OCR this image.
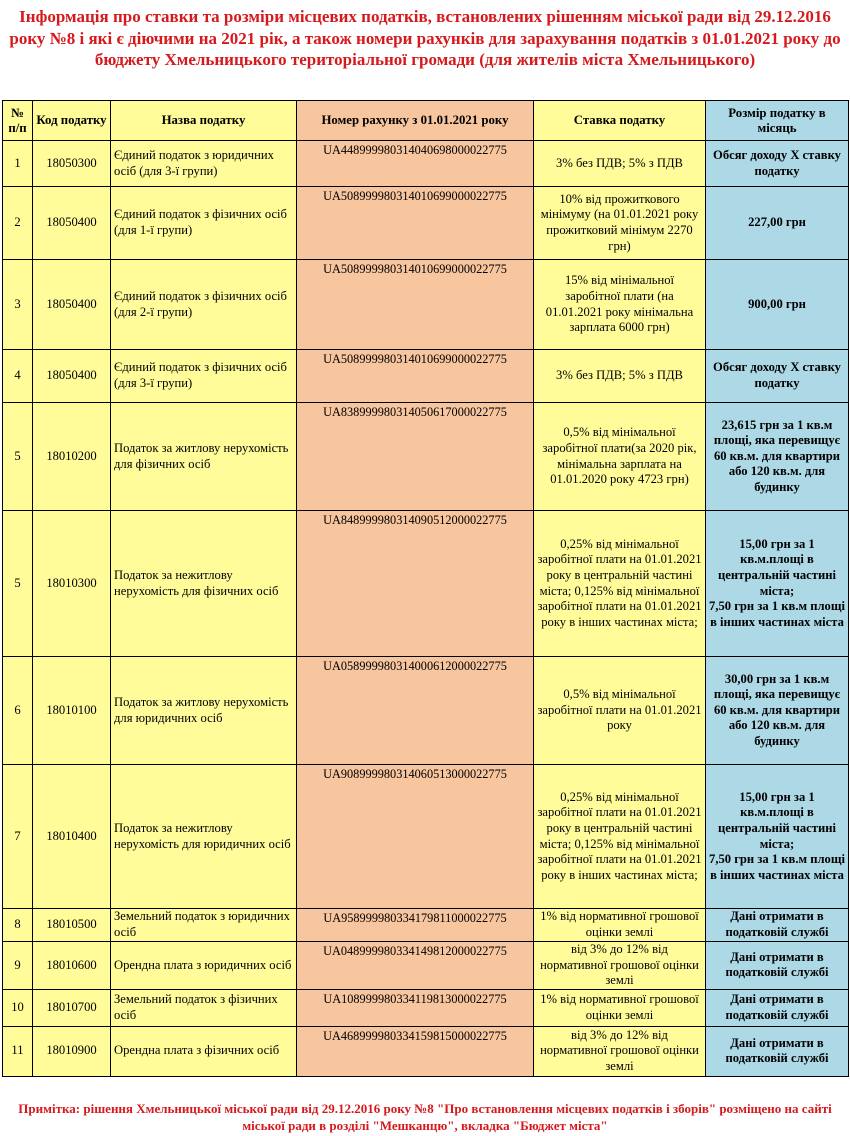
Інформація про ставки та розміри місцевих податків, встановлених рішенням міської ради від 29.12.2016 року №8 і які є діючими на 2021 рік, а також номери рахунків для зарахування податків з 01.01.2021 року до бюджету Хмельницького територіальної громади (для жителів міста Хмельницького)
№ п/п	Код податку	Назва податку	Номер рахунку з 01.01.2021 року	Ставка податку	Розмір податку в місяць
1	18050300	Єдиний податок з юридичних осіб (для 3-ї групи)	UA448999980314040698000022775	3% без ПДВ; 5% з ПДВ	Обсяг доходу Х ставку податку
2	18050400	Єдиний податок з фізичних осіб (для 1-ї групи)	UA508999980314010699000022775	10% від прожиткового мінімуму (на 01.01.2021 року прожитковий мінімум 2270 грн)	227,00 грн
3	18050400	Єдиний податок з фізичних осіб (для 2-ї групи)	UA508999980314010699000022775	15% від мінімальної заробітної плати (на 01.01.2021 року мінімальна зарплата 6000 грн)	900,00 грн
4	18050400	Єдиний податок з фізичних осіб (для 3-ї групи)	UA508999980314010699000022775	3% без ПДВ; 5% з ПДВ	Обсяг доходу Х ставку податку
5	18010200	Податок за житлову нерухомість для фізичних осіб	UA838999980314050617000022775	0,5% від мінімальної заробітної плати(за 2020 рік, мінімальна зарплата на 01.01.2020 року 4723 грн)	23,615 грн за 1 кв.м площі, яка перевищує 60 кв.м. для квартири або 120 кв.м. для будинку
5	18010300	Податок за нежитлову нерухомість для фізичних осіб	UA848999980314090512000022775	0,25% від мінімальної заробітної плати на 01.01.2021 року в центральній частині міста; 0,125% від мінімальної заробітної плати на 01.01.2021 року в інших частинах міста;	15,00 грн за 1 кв.м.площі в центральній частині міста;
7,50 грн за 1 кв.м площі в інших частинах міста
6	18010100	Податок за житлову нерухомість для юридичних осіб	UA058999980314000612000022775	0,5% від мінімальної заробітної плати на 01.01.2021 року	30,00 грн за 1 кв.м площі, яка перевищує 60 кв.м. для квартири або 120 кв.м. для будинку
7	18010400	Податок за нежитлову нерухомість для юридичних осіб	UA908999980314060513000022775	0,25% від мінімальної заробітної плати на 01.01.2021 року в центральній частині міста; 0,125% від мінімальної заробітної плати на 01.01.2021 року в інших частинах міста;	15,00 грн за 1 кв.м.площі в центральній частині міста;
7,50 грн за 1 кв.м площі в інших частинах міста
8	18010500	Земельний податок з юридичних осіб	UA958999980334179811000022775	1% від нормативної грошової оцінки землі	Дані отримати в податковій службі
9	18010600	Орендна плата з юридичних осіб	UA048999980334149812000022775	від 3% до 12% від нормативної грошової оцінки землі	Дані отримати в податковій службі
10	18010700	Земельний податок з фізичних осіб	UA108999980334119813000022775	1% від нормативної грошової оцінки землі	Дані отримати в податковій службі
11	18010900	Орендна плата з фізичних осіб	UA468999980334159815000022775	від 3% до 12% від нормативної грошової оцінки землі	Дані отримати в податковій службі
Примітка: рішення Хмельницької міської ради від 29.12.2016 року №8 "Про встановлення місцевих податків і зборів" розміщено на сайті міської ради в розділі "Мешканцю", вкладка "Бюджет міста"
